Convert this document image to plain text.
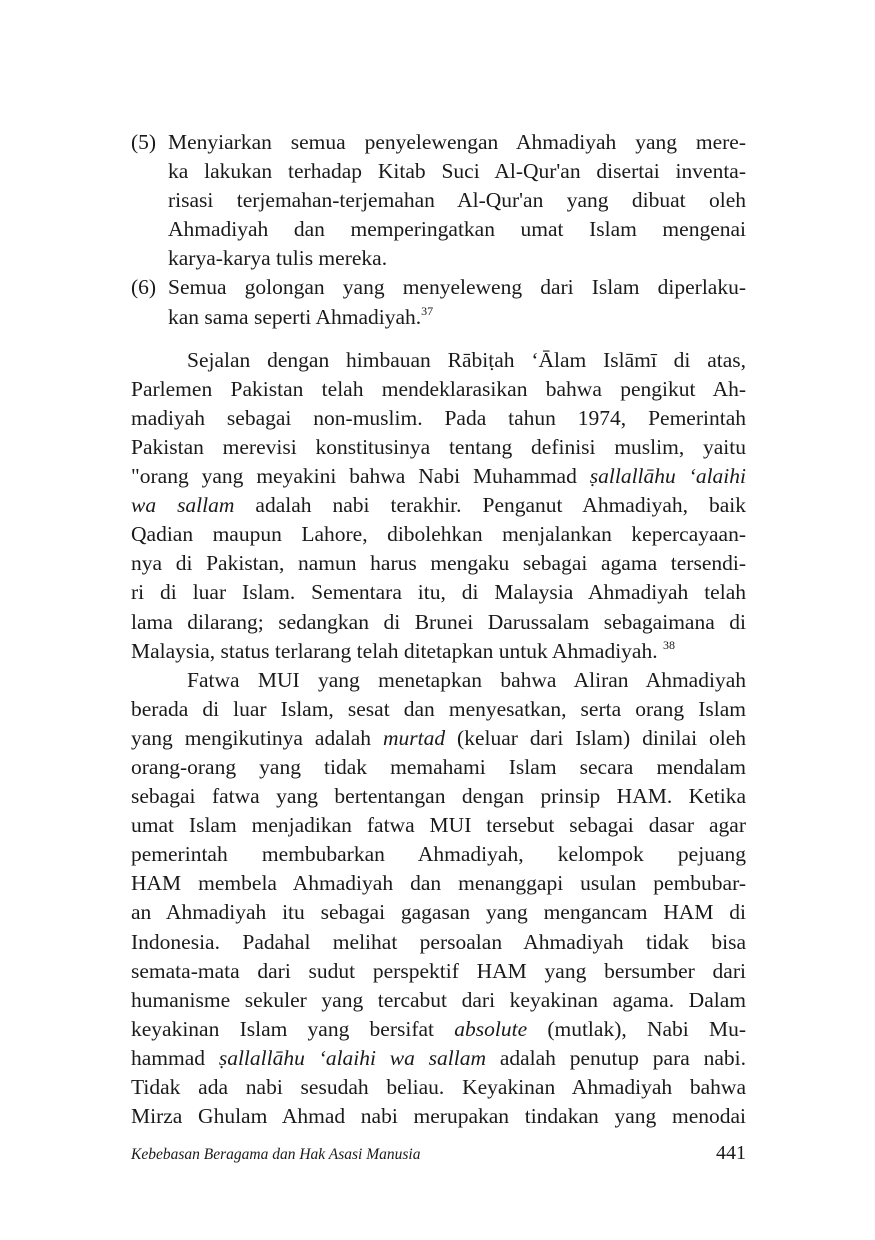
(5) Menyiarkan semua penyelewengan Ahmadiyah yang mere-
ka lakukan terhadap Kitab Suci Al-Qur'an disertai inventa-
risasi terjemahan-terjemahan Al-Qur'an yang dibuat oleh
Ahmadiyah dan memperingatkan umat Islam mengenai
karya-karya tulis mereka.
(6) Semua golongan yang menyeleweng dari Islam diperlaku-
kan sama seperti Ahmadiyah.$^{37}$
Sejalan dengan himbauan Rābiṭah ‘Ālam Islāmī di atas,
Parlemen Pakistan telah mendeklarasikan bahwa pengikut Ah-
madiyah sebagai non-muslim. Pada tahun 1974, Pemerintah
Pakistan merevisi konstitusinya tentang definisi muslim, yaitu
"orang yang meyakini bahwa Nabi Muhammad ṣallallāhu ‘alaihi
wa sallam adalah nabi terakhir. Penganut Ahmadiyah, baik
Qadian maupun Lahore, dibolehkan menjalankan kepercayaan-
nya di Pakistan, namun harus mengaku sebagai agama tersendi-
ri di luar Islam. Sementara itu, di Malaysia Ahmadiyah telah
lama dilarang; sedangkan di Brunei Darussalam sebagaimana di
Malaysia, status terlarang telah ditetapkan untuk Ahmadiyah. $^{38}$
Fatwa MUI yang menetapkan bahwa Aliran Ahmadiyah
berada di luar Islam, sesat dan menyesatkan, serta orang Islam
yang mengikutinya adalah murtad (keluar dari Islam) dinilai oleh
orang-orang yang tidak memahami Islam secara mendalam
sebagai fatwa yang bertentangan dengan prinsip HAM. Ketika
umat Islam menjadikan fatwa MUI tersebut sebagai dasar agar
pemerintah membubarkan Ahmadiyah, kelompok pejuang
HAM membela Ahmadiyah dan menanggapi usulan pembubar-
an Ahmadiyah itu sebagai gagasan yang mengancam HAM di
Indonesia. Padahal melihat persoalan Ahmadiyah tidak bisa
semata-mata dari sudut perspektif HAM yang bersumber dari
humanisme sekuler yang tercabut dari keyakinan agama. Dalam
keyakinan Islam yang bersifat absolute (mutlak), Nabi Mu-
hammad ṣallallāhu ‘alaihi wa sallam adalah penutup para nabi.
Tidak ada nabi sesudah beliau. Keyakinan Ahmadiyah bahwa
Mirza Ghulam Ahmad nabi merupakan tindakan yang menodai
Kebebasan Beragama dan Hak Asasi Manusia	441
